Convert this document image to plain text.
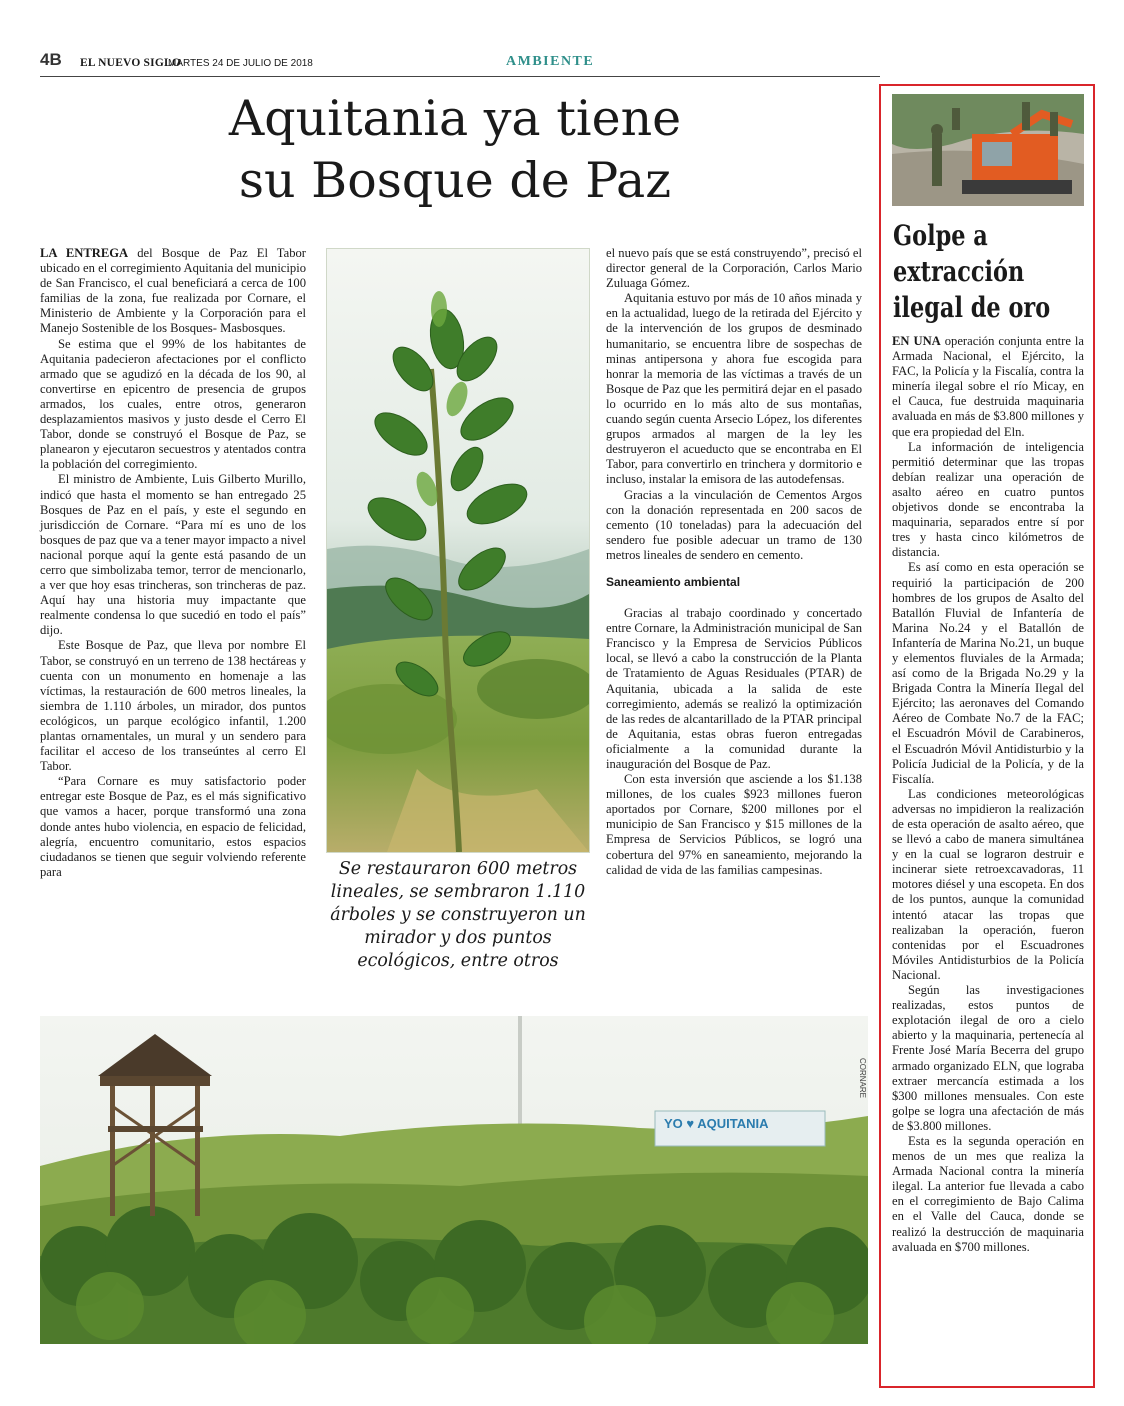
4B EL NUEVO SIGLO
MARTES 24 DE JULIO DE 2018	AMBIENTE
Aquitania ya tiene
su Bosque de Paz

LA ENTREGA del Bosque de Paz El Tabor ubicado en el corregimiento Aquitania del municipio de San Francisco, el cual beneficiará a cerca de 100 familias de la zona, fue realizada por Cornare, el Ministerio de Ambiente y la Corporación para el Manejo Sostenible de los Bosques- Masbosques.

Se estima que el 99% de los habitantes de Aquitania padecieron afectaciones por el conflicto armado que se agudizó en la década de los 90, al convertirse en epicentro de presencia de grupos armados, los cuales, entre otros, generaron desplazamientos masivos y justo desde el Cerro El Tabor, donde se construyó el Bosque de Paz, se planearon y ejecutaron secuestros y atentados contra la población del corregimiento.

El ministro de Ambiente, Luis Gilberto Murillo, indicó que hasta el momento se han entregado 25 Bosques de Paz en el país, y este el segundo en jurisdicción de Cornare. “Para mí es uno de los bosques de paz que va a tener mayor impacto a nivel nacional porque aquí la gente está pasando de un cerro que simbolizaba temor, terror de mencionarlo, a ver que hoy esas trincheras, son trincheras de paz. Aquí hay una historia muy impactante que realmente condensa lo que sucedió en todo el país” dijo.

Este Bosque de Paz, que lleva por nombre El Tabor, se construyó en un terreno de 138 hectáreas y cuenta con un monumento en homenaje a las víctimas, la restauración de 600 metros lineales, la siembra de 1.110 árboles, un mirador, dos puntos ecológicos, un parque ecológico infantil, 1.200 plantas ornamentales, un mural y un sendero para facilitar el acceso de los transeúntes al cerro El Tabor.

“Para Cornare es muy satisfactorio poder entregar este Bosque de Paz, es el más significativo que vamos a hacer, porque transformó una zona donde antes hubo violencia, en espacio de felicidad, alegría, encuentro comunitario, estos espacios ciudadanos se tienen que seguir volviendo referente para	Se restauraron 600 metros lineales, se sembraron 1.110 árboles y se construyeron un mirador y dos puntos ecológicos, entre otros

el nuevo país que se está construyendo”, precisó el director general de la Corporación, Carlos Mario Zuluaga Gómez.

Aquitania estuvo por más de 10 años minada y en la actualidad, luego de la retirada del Ejército y de la intervención de los grupos de desminado humanitario, se encuentra libre de sospechas de minas antipersona y ahora fue escogida para honrar la memoria de las víctimas a través de un Bosque de Paz que les permitirá dejar en el pasado lo ocurrido en lo más alto de sus montañas, cuando según cuenta Arsecio López, los diferentes grupos armados al margen de la ley les destruyeron el acueducto que se encontraba en El Tabor, para convertirlo en trinchera y dormitorio e incluso, instalar la emisora de las autodefensas.

Gracias a la vinculación de Cementos Argos con la donación representada en 200 sacos de cemento (10 toneladas) para la adecuación del sendero fue posible adecuar un tramo de 130 metros lineales de sendero en cemento.

Saneamiento ambiental

Gracias al trabajo coordinado y concertado entre Cornare, la Administración municipal de San Francisco y la Empresa de Servicios Públicos local, se llevó a cabo la construcción de la Planta de Tratamiento de Aguas Residuales (PTAR) de Aquitania, ubicada a la salida de este corregimiento, además se realizó la optimización de las redes de alcantarillado de la PTAR principal de Aquitania, estas obras fueron entregadas oficialmente a la comunidad durante la inauguración del Bosque de Paz.

Con esta inversión que asciende a los $1.138 millones, de los cuales $923 millones fueron aportados por Cornare, $200 millones por el municipio de San Francisco y $15 millones de la Empresa de Servicios Públicos, se logró una cobertura del 97% en saneamiento, mejorando la calidad de vida de las familias campesinas.

YO ♥ AQUITANIA
CORNARE
Golpe a
extracción
ilegal de oro

EN UNA operación conjunta entre la Armada Nacional, el Ejército, la FAC, la Policía y la Fiscalía, contra la minería ilegal sobre el río Micay, en el Cauca, fue destruida maquinaria avaluada en más de $3.800 millones y que era propiedad del Eln.

La información de inteligencia permitió determinar que las tropas debían realizar una operación de asalto aéreo en cuatro puntos objetivos donde se encontraba la maquinaria, separados entre sí por tres y hasta cinco kilómetros de distancia.

Es así como en esta operación se requirió la participación de 200 hombres de los grupos de Asalto del Batallón Fluvial de Infantería de Marina No.24 y el Batallón de Infantería de Marina No.21, un buque y elementos fluviales de la Armada; así como de la Brigada No.29 y la Brigada Contra la Minería Ilegal del Ejército; las aeronaves del Comando Aéreo de Combate No.7 de la FAC; el Escuadrón Móvil de Carabineros, el Escuadrón Móvil Antidisturbio y la Policía Judicial de la Policía, y de la Fiscalía.

Las condiciones meteorológicas adversas no impidieron la realización de esta operación de asalto aéreo, que se llevó a cabo de manera simultánea y en la cual se lograron destruir e incinerar siete retroexcavadoras, 11 motores diésel y una escopeta. En dos de los puntos, aunque la comunidad intentó atacar las tropas que realizaban la operación, fueron contenidas por el Escuadrones Móviles Antidisturbios de la Policía Nacional.

Según las investigaciones realizadas, estos puntos de explotación ilegal de oro a cielo abierto y la maquinaria, pertenecía al Frente José María Becerra del grupo armado organizado ELN, que lograba extraer mercancía estimada a los $300 millones mensuales. Con este golpe se logra una afectación de más de $3.800 millones.

Esta es la segunda operación en menos de un mes que realiza la Armada Nacional contra la minería ilegal. La anterior fue llevada a cabo en el corregimiento de Bajo Calima en el Valle del Cauca, donde se realizó la destrucción de maquinaria avaluada en $700 millones.
